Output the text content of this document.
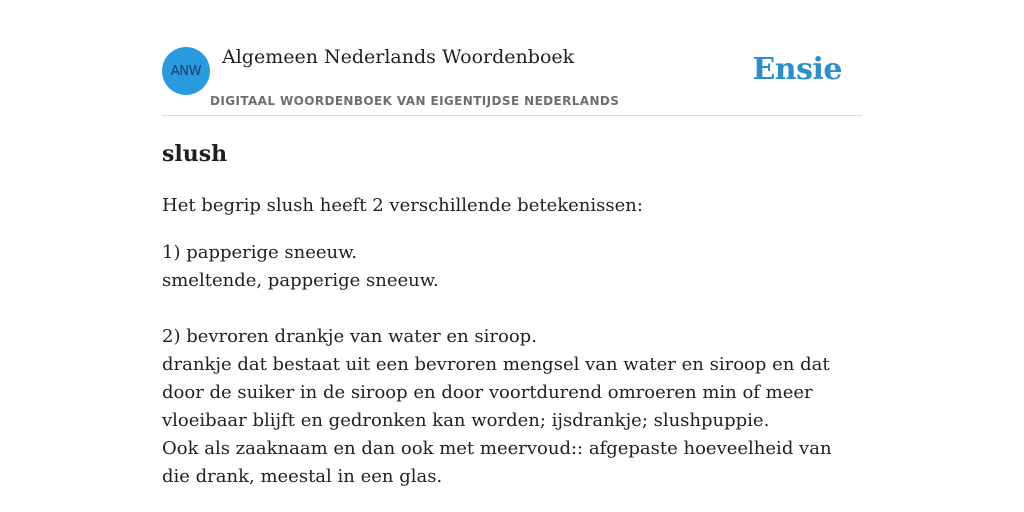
ANW
Algemeen Nederlands Woordenboek
DIGITAAL WOORDENBOEK VAN EIGENTIJDSE NEDERLANDS
Ensie
slush

Het begrip slush heeft 2 verschillende betekenissen:

1) papperige sneeuw.
smeltende, papperige sneeuw.
2) bevroren drankje van water en siroop.
drankje dat bestaat uit een bevroren mengsel van water en siroop en dat door de suiker in de siroop en door voortdurend omroeren min of meer vloeibaar blijft en gedronken kan worden; ijsdrankje; slushpuppie.
Ook als zaaknaam en dan ook met meervoud:: afgepaste hoeveelheid van die drank, meestal in een glas.
